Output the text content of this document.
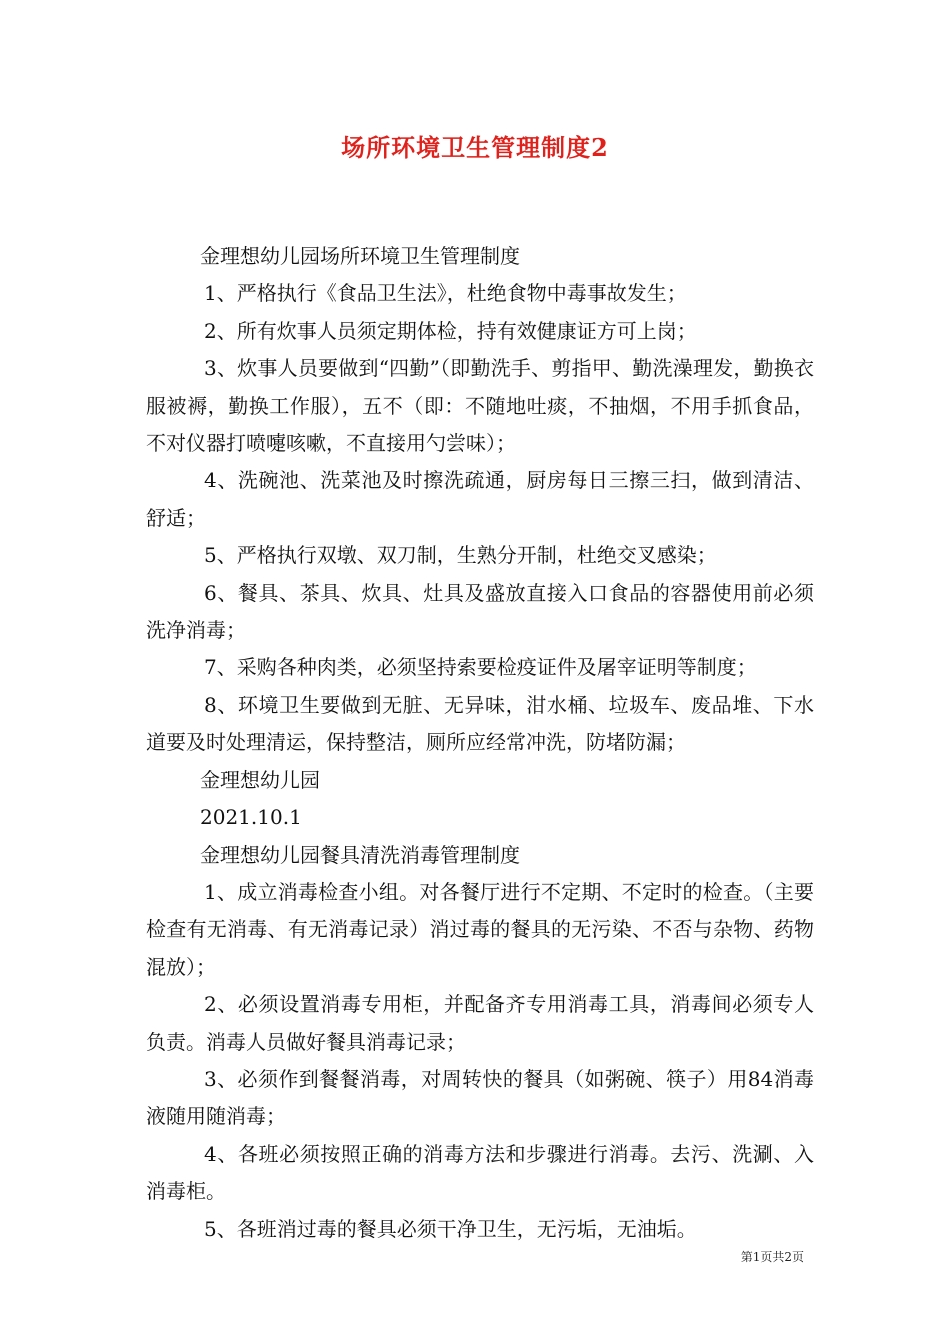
场所环境卫生管理制度2

金理想幼儿园场所环境卫生管理制度

1、严格执行《食品卫生法》，杜绝食物中毒事故发生；

2、所有炊事人员须定期体检，持有效健康证方可上岗；

3、炊事人员要做到“四勤”（即勤洗手、剪指甲、勤洗澡理发，勤换衣服被褥，勤换工作服），五不（即：不随地吐痰，不抽烟，不用手抓食品，不对仪器打喷嚏咳嗽，不直接用勺尝味）；

4、洗碗池、洗菜池及时擦洗疏通，厨房每日三擦三扫，做到清洁、舒适；

5、严格执行双墩、双刀制，生熟分开制，杜绝交叉感染；

6、餐具、茶具、炊具、灶具及盛放直接入口食品的容器使用前必须洗净消毒；

7、采购各种肉类，必须坚持索要检疫证件及屠宰证明等制度；

8、环境卫生要做到无脏、无异味，泔水桶、垃圾车、废品堆、下水道要及时处理清运，保持整洁，厕所应经常冲洗，防堵防漏；

金理想幼儿园

2021.10.1

金理想幼儿园餐具清洗消毒管理制度

1、成立消毒检查小组。对各餐厅进行不定期、不定时的检查。（主要检查有无消毒、有无消毒记录）消过毒的餐具的无污染、不否与杂物、药物混放）；

2、必须设置消毒专用柜，并配备齐专用消毒工具，消毒间必须专人负责。消毒人员做好餐具消毒记录；

3、必须作到餐餐消毒，对周转快的餐具（如粥碗、筷子）用84消毒液随用随消毒；

4、各班必须按照正确的消毒方法和步骤进行消毒。去污、洗涮、入消毒柜。

5、各班消过毒的餐具必须干净卫生，无污垢，无油垢。

第1页共2页
